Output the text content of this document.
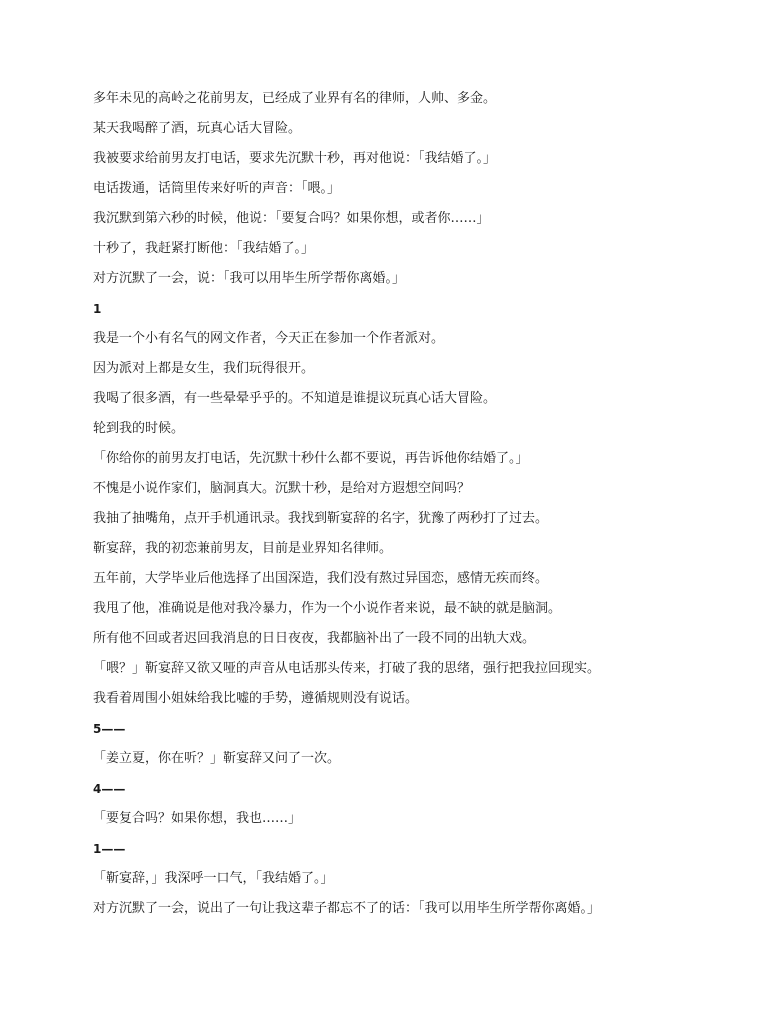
多年未见的高岭之花前男友，已经成了业界有名的律师，人帅、多金。
某天我喝醉了酒，玩真心话大冒险。
我被要求给前男友打电话，要求先沉默十秒，再对他说：「我结婚了。」
电话拨通，话筒里传来好听的声音：「喂。」
我沉默到第六秒的时候，他说：「要复合吗？如果你想，或者你……」
十秒了，我赶紧打断他：「我结婚了。」
对方沉默了一会，说：「我可以用毕生所学帮你离婚。」
1
我是一个小有名气的网文作者，今天正在参加一个作者派对。
因为派对上都是女生，我们玩得很开。
我喝了很多酒，有一些晕晕乎乎的。不知道是谁提议玩真心话大冒险。
轮到我的时候。
「你给你的前男友打电话，先沉默十秒什么都不要说，再告诉他你结婚了。」
不愧是小说作家们，脑洞真大。沉默十秒，是给对方遐想空间吗？
我抽了抽嘴角，点开手机通讯录。我找到靳宴辞的名字，犹豫了两秒打了过去。
靳宴辞，我的初恋兼前男友，目前是业界知名律师。
五年前，大学毕业后他选择了出国深造，我们没有熬过异国恋，感情无疾而终。
我甩了他，准确说是他对我冷暴力，作为一个小说作者来说，最不缺的就是脑洞。
所有他不回或者迟回我消息的日日夜夜，我都脑补出了一段不同的出轨大戏。
「喂？」靳宴辞又欲又哑的声音从电话那头传来，打破了我的思绪，强行把我拉回现实。
我看着周围小姐妹给我比嘘的手势，遵循规则没有说话。
5——
「姜立夏，你在听？」靳宴辞又问了一次。
4——
「要复合吗？如果你想，我也……」
1——
「靳宴辞，」我深呼一口气，「我结婚了。」
对方沉默了一会，说出了一句让我这辈子都忘不了的话：「我可以用毕生所学帮你离婚。」
